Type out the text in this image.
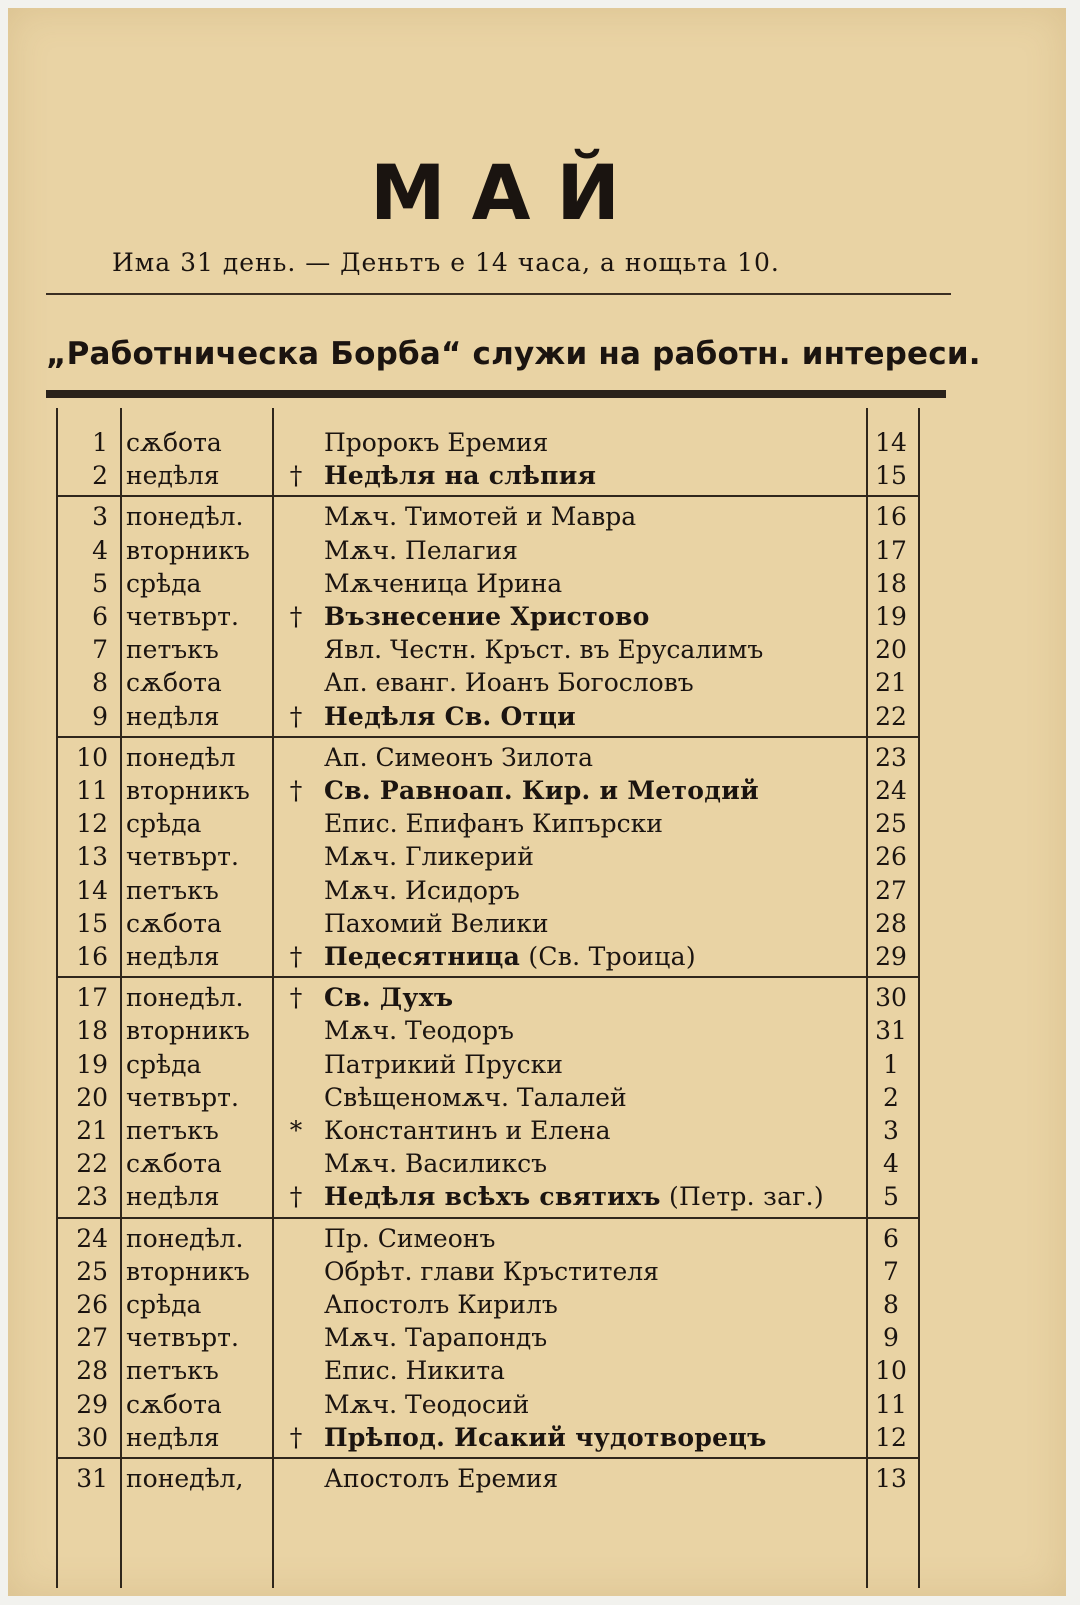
МАЙ
Има 31 день. — Деньтъ е 14 часа, а нощьта 10.
„Работническа Борба“ служи на работн. интереси.
1 сѫбота	Пророкъ Еремия	14
2 недѣля	† Недѣля на слѣпия	15
3 понедѣл.	Мѫч. Тимотей и Мавра	16
4 вторникъ	Мѫч. Пелагия	17
5 срѣда	Мѫченица Ирина	18
6 четвърт. † Възнесение Христово	19
7 петъкъ	Явл. Честн. Кръст. въ Ерусалимъ	20
8 сѫбота	Ап. еванг. Иоанъ Богословъ	21
9 недѣля	† Недѣля Св. Отци	22
10 понедѣл	Ап. Симеонъ Зилота	23
11 вторникъ † Св. Равноап. Кир. и Методий	24
12 срѣда	Епис. Епифанъ Кипърски	25
13 четвърт.	Мѫч. Гликерий	26
14 петъкъ	Мѫч. Исидоръ	27
15 сѫбота	Пахомий Велики	28
16 недѣля	† Педесятница (Св. Троица)	29
17 понедѣл. † Св. Духъ	30
18 вторникъ	Мѫч. Теодоръ	31
19 срѣда	Патрикий Пруски	1
20 четвърт.	Свѣщеномѫч. Талалей	2
21 петъкъ	* Константинъ и Елена	3
22 сѫбота	Мѫч. Василиксъ	4
23 недѣля	† Недѣля всѣхъ святихъ (Петр. заг.)	5
24 понедѣл.	Пр. Симеонъ	6
25 вторникъ	Обрѣт. глави Кръстителя	7
26 срѣда	Апостолъ Кирилъ	8
27 четвърт.	Мѫч. Тарапондъ	9
28 петъкъ	Епис. Никита	10
29 сѫбота	Мѫч. Теодосий	11
30 недѣля	† Прѣпод. Исакий чудотворецъ	12
31 понедѣл,	Апостолъ Еремия	13
